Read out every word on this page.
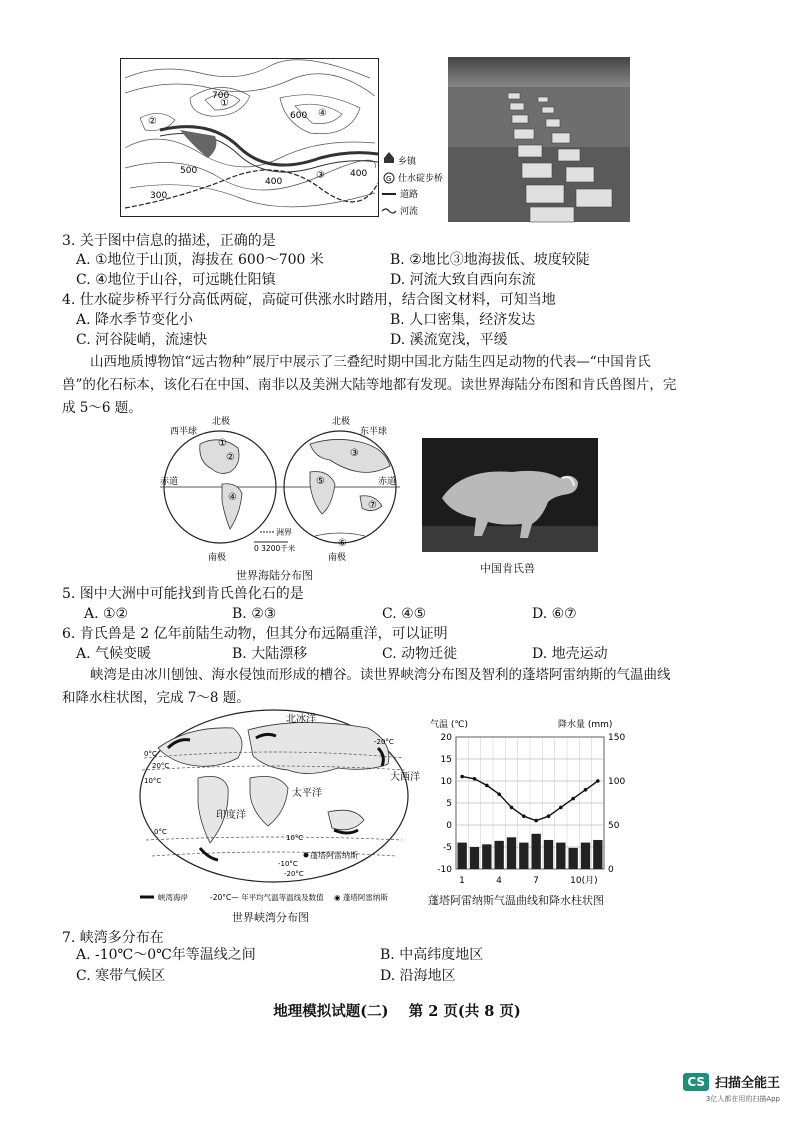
700
500
600
400
300
400
①
②
③
④
乡镇
G 仕水碇步桥
道路
河流
3. 关于图中信息的描述，正确的是
A. ①地位于山顶，海拔在 600～700 米	B. ②地比③地海拔低、坡度较陡
C. ④地位于山谷，可远眺仕阳镇	D. 河流大致自西向东流
4. 仕水碇步桥平行分高低两碇，高碇可供涨水时踏用，结合图文材料，可知当地
A. 降水季节变化小	B. 人口密集，经济发达
C. 河谷陡峭，流速快	D. 溪流宽浅，平缓
山西地质博物馆“远古物种”展厅中展示了三叠纪时期中国北方陆生四足动物的代表—“中国肯氏兽”的化石标本，该化石在中国、南非以及美洲大陆等地都有发现。读世界海陆分布图和肯氏兽图片，完成 5～6 题。
西半球
北极	北极
东半球
赤道	赤道
南极	南极
①
②	③
④
⑤
⑥
⑦
洲界
0 3200千米
世界海陆分布图
中国肯氏兽
5. 图中大洲中可能找到肯氏兽化石的是
A. ①②	B. ②③	C. ④⑤	D. ⑥⑦
6. 肯氏兽是 2 亿年前陆生动物，但其分布远隔重洋，可以证明
A. 气候变暖	B. 大陆漂移	C. 动物迁徙	D. 地壳运动
峡湾是由冰川刨蚀、海水侵蚀而形成的槽谷。读世界峡湾分布图及智利的蓬塔阿雷纳斯的气温曲线和降水柱状图，完成 7～8 题。
北冰洋
大西洋
太平洋
印度洋
蓬塔阿雷纳斯
0°C
20°C
10°C
-20°C
0°C
10°C
-10°C
-20°C
峡湾海岸	-20°C— 年平均气温等温线及数值 ◉ 蓬塔阿雷纳斯
世界峡湾分布图
气温 (℃)	降水量 (mm)
-10
-5
0
5
10
15
20
0
50
100
150
1	4	7	10(月)
蓬塔阿雷纳斯气温曲线和降水柱状图
7. 峡湾多分布在
A. -10℃～0℃年等温线之间	B. 中高纬度地区
C. 寒带气候区	D. 沿海地区
地理模拟试题(二)    第 2 页(共 8 页)
CS 扫描全能王
3亿人都在用的扫描App
